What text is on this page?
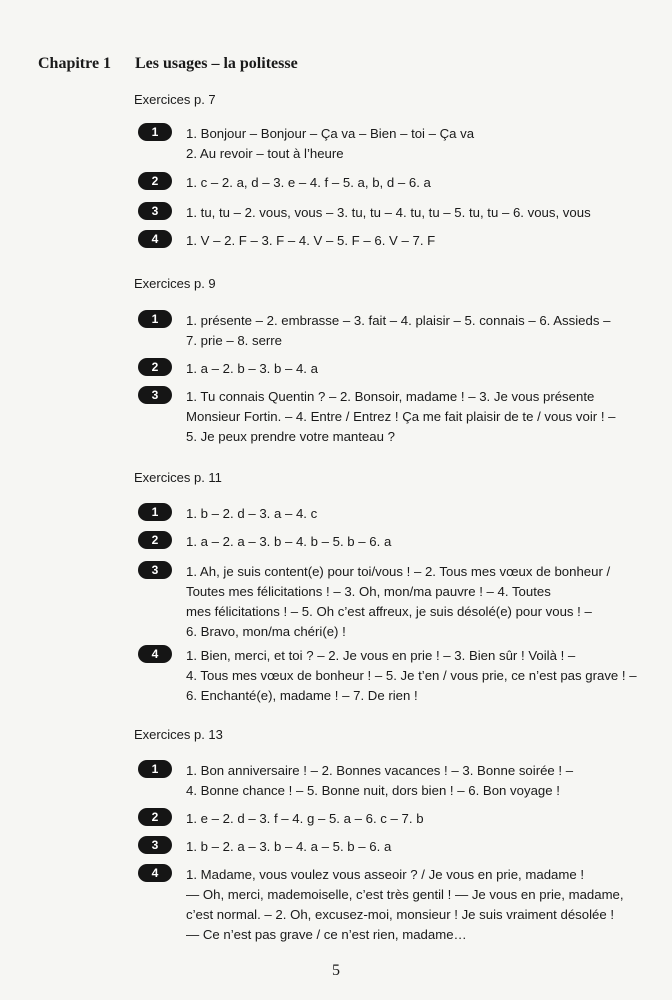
Chapitre 1 Les usages – la politesse
Exercices p. 7
1	1. Bonjour – Bonjour – Ça va – Bien – toi – Ça va
2. Au revoir – tout à l’heure
2	1. c – 2. a, d – 3. e – 4. f – 5. a, b, d – 6. a
3	1. tu, tu – 2. vous, vous – 3. tu, tu – 4. tu, tu – 5. tu, tu – 6. vous, vous
4	1. V – 2. F – 3. F – 4. V – 5. F – 6. V – 7. F
Exercices p. 9
1	1. présente – 2. embrasse – 3. fait – 4. plaisir – 5. connais – 6. Assieds –
7. prie – 8. serre
2	1. a – 2. b – 3. b – 4. a
3	1. Tu connais Quentin ? – 2. Bonsoir, madame ! – 3. Je vous présente
Monsieur Fortin. – 4. Entre / Entrez ! Ça me fait plaisir de te / vous voir ! –
5. Je peux prendre votre manteau ?
Exercices p. 11
1	1. b – 2. d – 3. a – 4. c
2	1. a – 2. a – 3. b – 4. b – 5. b – 6. a
3	1. Ah, je suis content(e) pour toi/vous ! – 2. Tous mes vœux de bonheur /
Toutes mes félicitations ! – 3. Oh, mon/ma pauvre ! – 4. Toutes
mes félicitations ! – 5. Oh c’est affreux, je suis désolé(e) pour vous ! –
6. Bravo, mon/ma chéri(e) !
4	1. Bien, merci, et toi ? – 2. Je vous en prie ! – 3. Bien sûr ! Voilà ! –
4. Tous mes vœux de bonheur ! – 5. Je t’en / vous prie, ce n’est pas grave ! –
6. Enchanté(e), madame ! – 7. De rien !
Exercices p. 13
1	1. Bon anniversaire ! – 2. Bonnes vacances ! – 3. Bonne soirée ! –
4. Bonne chance ! – 5. Bonne nuit, dors bien ! – 6. Bon voyage !
2	1. e – 2. d – 3. f – 4. g – 5. a – 6. c – 7. b
3	1. b – 2. a – 3. b – 4. a – 5. b – 6. a
4	1. Madame, vous voulez vous asseoir ? / Je vous en prie, madame !
— Oh, merci, mademoiselle, c’est très gentil ! — Je vous en prie, madame,
c’est normal. – 2. Oh, excusez-moi, monsieur ! Je suis vraiment désolée !
— Ce n’est pas grave / ce n’est rien, madame…
5
